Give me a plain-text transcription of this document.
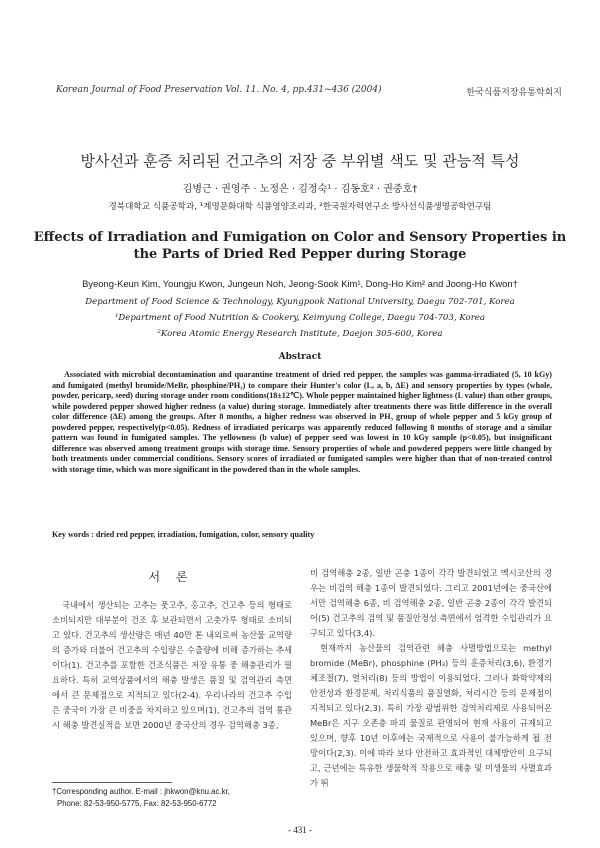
Korean Journal of Food Preservation Vol. 11. No. 4, pp.431~436 (2004)	한국식품저장유통학회지
방사선과 훈증 처리된 건고추의 저장 중 부위별 색도 및 관능적 특성
김병근 · 권영주 · 노정은 · 김정숙¹ · 김동호² · 권중호†
경북대학교 식품공학과, ¹계명문화대학 식품영양조리과, ²한국원자력연구소 방사선식품생명공학연구팀
Effects of Irradiation and Fumigation on Color and Sensory Properties in the Parts of Dried Red Pepper during Storage
Byeong-Keun Kim, Youngju Kwon, Jungeun Noh, Jeong-Sook Kim¹, Dong-Ho Kim² and Joong-Ho Kwon†
Department of Food Science & Technology, Kyungpook National University, Daegu 702-701, Korea
¹Department of Food Nutrition & Cookery, Keimyung College, Daegu 704-703, Korea
²Korea Atomic Energy Research Institute, Daejon 305-600, Korea
Abstract
Associated with microbial decontamination and quarantine treatment of dried red pepper, the samples was gamma-irradiated (5, 10 kGy) and fumigated (methyl bromide/MeBr, phosphine/PH₃) to compare their Hunter's color (L, a, b, ΔE) and sensory properties by types (whole, powder, pericarp, seed) during storage under room conditions(18±12℃). Whole pepper maintained higher lightness (L value) than other groups, while powdered pepper showed higher redness (a value) during storage. Immediately after treatments there was little difference in the overall color difference (ΔE) among the groups. After 8 months, a higher redness was observed in PH₃ group of whole pepper and 5 kGy group of powdered pepper, respectively(p<0.05). Redness of irradiated pericarps was apparently reduced following 8 months of storage and a similar pattern was found in fumigated samples. The yellowness (b value) of pepper seed was lowest in 10 kGy sample (p<0.05), but insignificant difference was observed among treatment groups with storage time. Sensory properties of whole and powdered peppers were little changed by both treatments under commercial conditions. Sensory scores of irradiated or fumigated samples were higher than that of non-treated control with storage time, which was more significant in the powdered than in the whole samples.
Key words : dried red pepper, irradiation, fumigation, color, sensory quality
서 론

국내에서 생산되는 고추는 풋고추, 홍고추, 건고추 등의 형태로 소비되지만 대부분이 건조 후 보관되면서 고춧가루 형태로 소비되고 있다. 건고추의 생산량은 매년 40만 톤 내외로써 농산물 교역량의 증가와 더불어 건고추의 수입량은 수출량에 비해 증가하는 추세이다(1). 건고추를 포함한 건조식품은 저장 유통 중 해충관리가 필요하다. 특히 교역상품에서의 해충 발생은 품질 및 검역관리 측면에서 큰 문제점으로 지적되고 있다(2-4). 우리나라의 건고추 수입은 중국이 가장 큰 비중을 차지하고 있으며(1), 건고추의 검역 통관 시 해충 발견실적을 보면 2000년 중국산의 경우 검역해충 3종,

비 검역해충 2종, 일반 곤충 1종이 각각 발견되었고 멕시코산의 경우는 비검역 해충 1종이 발견되었다. 그리고 2001년에는 중국산에서만 검역해충 6종, 비 검역해충 2종, 일반 곤충 2종이 각각 발견되어(5) 건고추의 검역 및 품질안정성 측면에서 엄격한 수입관리가 요구되고 있다(3,4).

현재까지 농산물의 검역관련 해충 사멸방법으로는 methyl bromide (MeBr), phosphine (PH₃) 등의 훈증처리(3,6), 환경기체조절(7), 열처리(8) 등의 방법이 이용되었다. 그러나 화학약제의 안전성과 환경문제, 처리식품의 품질열화, 처리시간 등의 문제점이 지적되고 있다(2,3). 특히 가장 광범위한 검역처리제로 사용되어온 MeBr은 지구 오존층 파괴 물질로 판명되어 현재 사용이 규제되고 있으며, 향후 10년 이후에는 국제적으로 사용이 불가능하게 될 전망이다(2,3). 이에 따라 보다 안전하고 효과적인 대체방안이 요구되고, 근년에는 특유한 생물학적 작용으로 해충 및 미생물의 사멸효과가 뛰

†Corresponding author. E-mail : jhkwon@knu.ac.kr,
Phone: 82-53-950-5775, Fax: 82-53-950-6772
- 431 -
